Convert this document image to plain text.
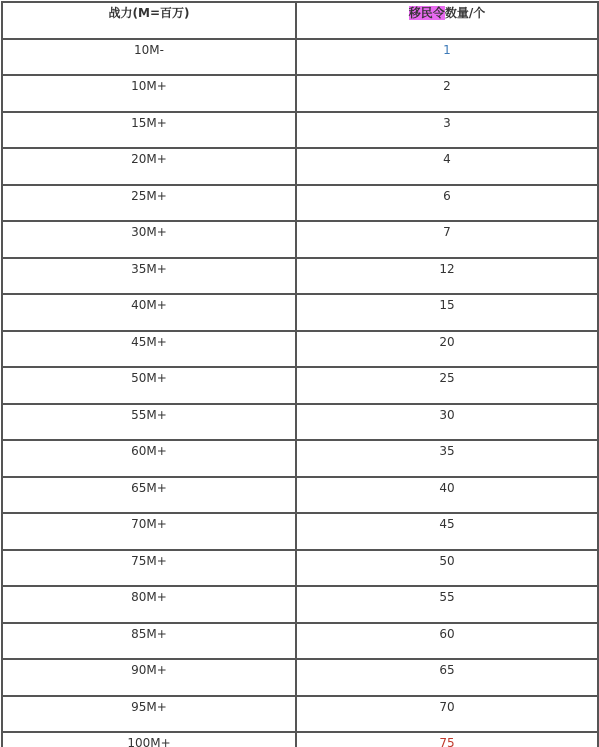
战力(M=百万)	移民令数量/个
10M-	1
10M+	2
15M+	3
20M+	4
25M+	6
30M+	7
35M+	12
40M+	15
45M+	20
50M+	25
55M+	30
60M+	35
65M+	40
70M+	45
75M+	50
80M+	55
85M+	60
90M+	65
95M+	70
100M+	75
